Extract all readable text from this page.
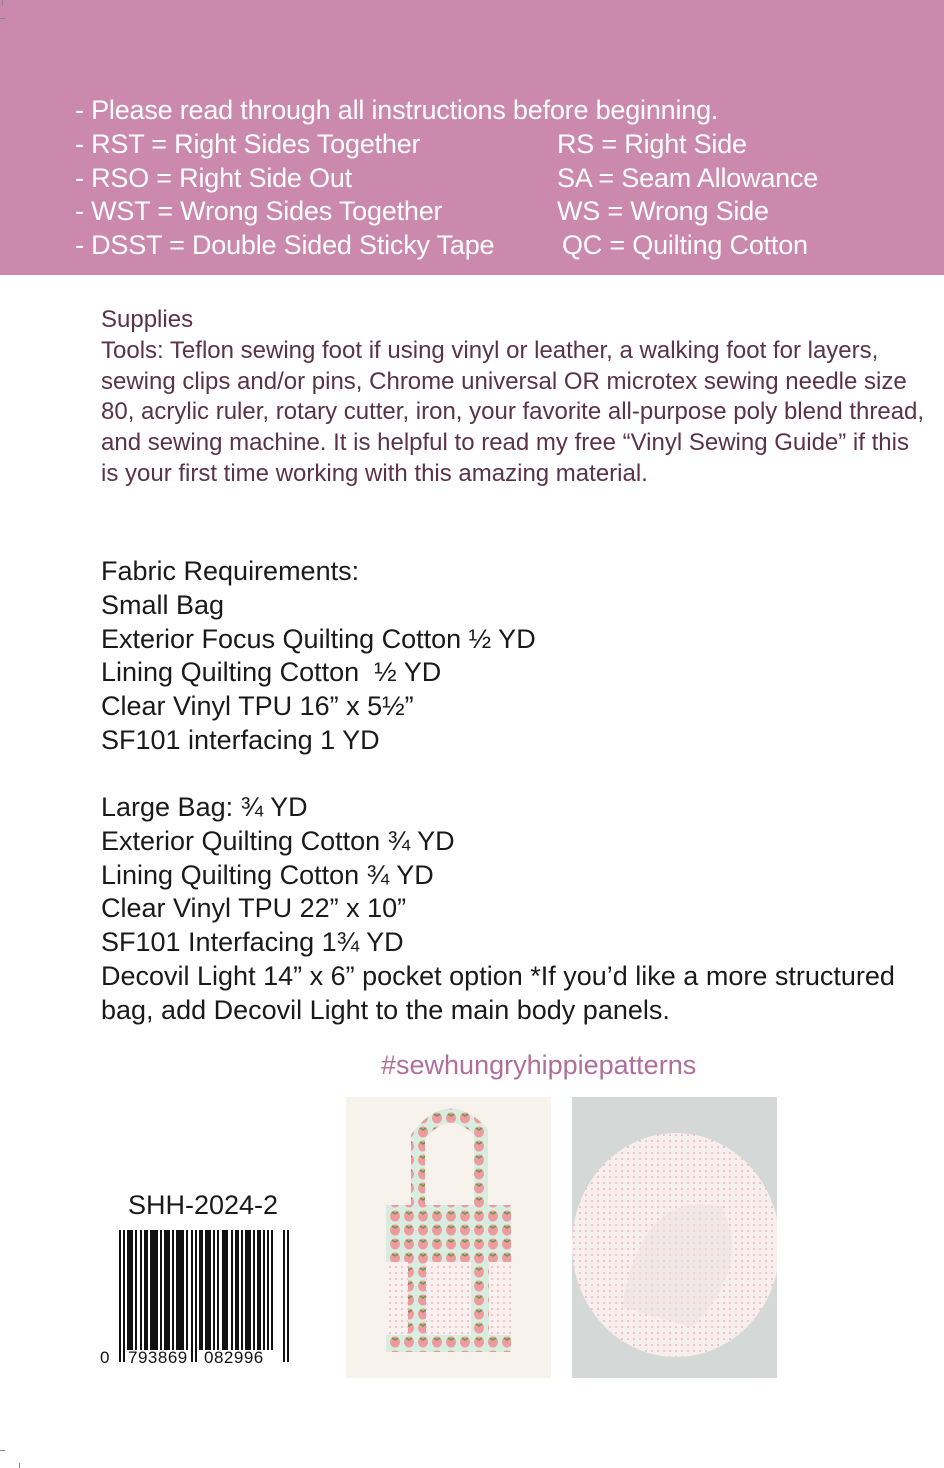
- Please read through all instructions before beginning.
- RST = Right Sides Together	RS = Right Side
- RSO = Right Side Out	SA = Seam Allowance
- WST = Wrong Sides Together	WS = Wrong Side
- DSST = Double Sided Sticky Tape	QC = Quilting Cotton
Supplies
Tools: Teflon sewing foot if using vinyl or leather, a walking foot for layers, sewing clips and/or pins, Chrome universal OR microtex sewing needle size 80, acrylic ruler, rotary cutter, iron, your favorite all-purpose poly blend thread, and sewing machine. It is helpful to read my free “Vinyl Sewing Guide” if this is your first time working with this amazing material.
Fabric Requirements:
Small Bag
Exterior Focus Quilting Cotton ½ YD
Lining Quilting Cotton  ½ YD
Clear Vinyl TPU 16” x 5½”
SF101 interfacing 1 YD
Large Bag: ¾ YD
Exterior Quilting Cotton ¾ YD
Lining Quilting Cotton ¾ YD
Clear Vinyl TPU 22” x 10”
SF101 Interfacing 1¾ YD
Decovil Light 14” x 6” pocket option *If you’d like a more structured bag, add Decovil Light to the main body panels.
#sewhungryhippiepatterns
SHH-2024-2
0 793869 082996
